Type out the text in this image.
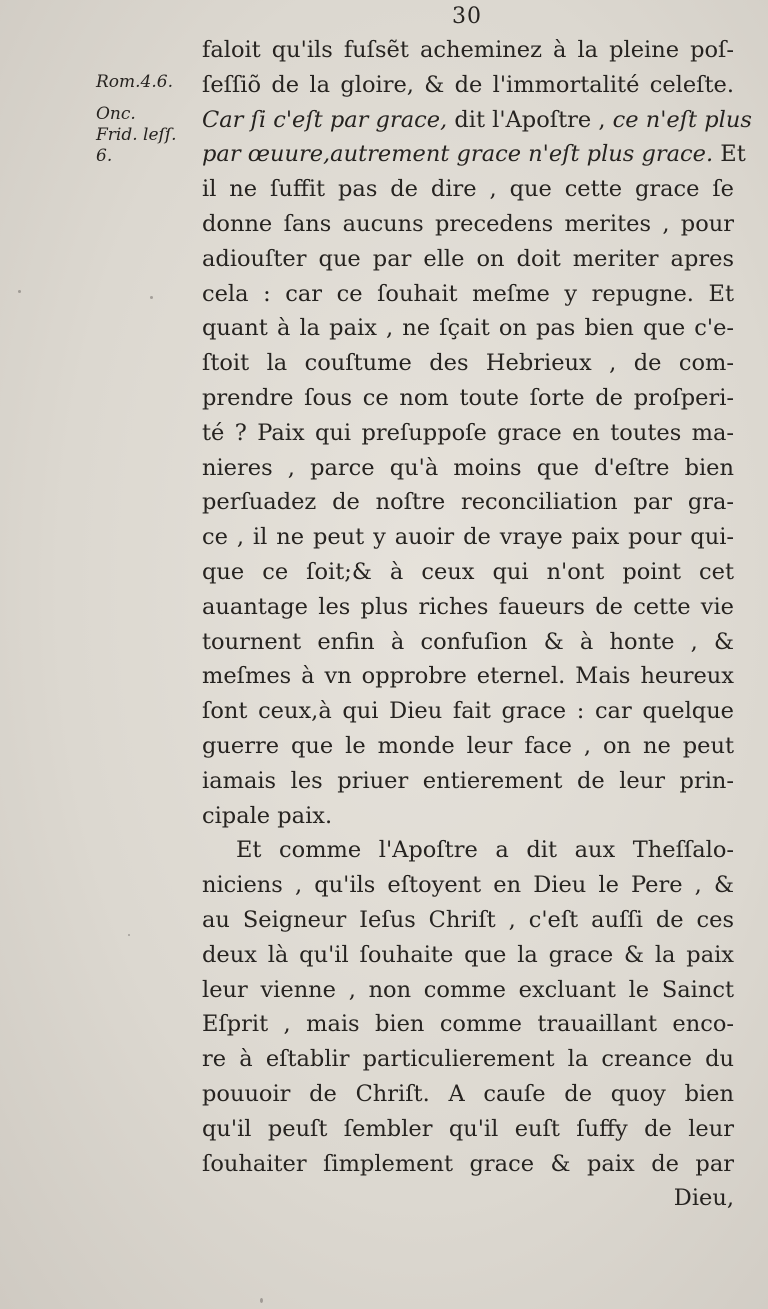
30
Rom.4.6.
Onc.
Frid. leſſ.
6.
faloit qu'ils fuſsẽt acheminez à la pleine poſ-
ſeſſiõ de la gloire, & de l'immortalité celeſte.
Car ſi c'eſt par grace, dit l'Apoſtre , ce n'eſt plus
par œuure,autrement grace n'eſt plus grace. Et
il ne ſuffit pas de dire , que cette grace ſe
donne ſans aucuns precedens merites , pour
adiouſter que par elle on doit meriter apres
cela : car ce ſouhait meſme y repugne. Et
quant à la paix , ne ſçait on pas bien que c'e-
ſtoit la couſtume des Hebrieux , de com-
prendre ſous ce nom toute ſorte de proſperi-
té ? Paix qui preſuppoſe grace en toutes ma-
nieres , parce qu'à moins que d'eſtre bien
perſuadez de noſtre reconciliation par gra-
ce , il ne peut y auoir de vraye paix pour qui-
que ce ſoit;& à ceux qui n'ont point cet
auantage les plus riches faueurs de cette vie
tournent enfin à confuſion & à honte , &
meſmes à vn opprobre eternel. Mais heureux
ſont ceux,à qui Dieu fait grace : car quelque
guerre que le monde leur face , on ne peut
iamais les priuer entierement de leur prin-
cipale paix.
Et comme l'Apoſtre a dit aux Theſſalo-
niciens , qu'ils eſtoyent en Dieu le Pere , &
au Seigneur Ieſus Chriſt , c'eſt auſſi de ces
deux là qu'il ſouhaite que la grace & la paix
leur vienne , non comme excluant le Sainct
Eſprit , mais bien comme trauaillant enco-
re à eſtablir particulierement la creance du
pouuoir de Chriſt. A cauſe de quoy bien
qu'il peuſt ſembler qu'il euſt ſuffy de leur
ſouhaiter ſimplement grace & paix de par
Dieu,
